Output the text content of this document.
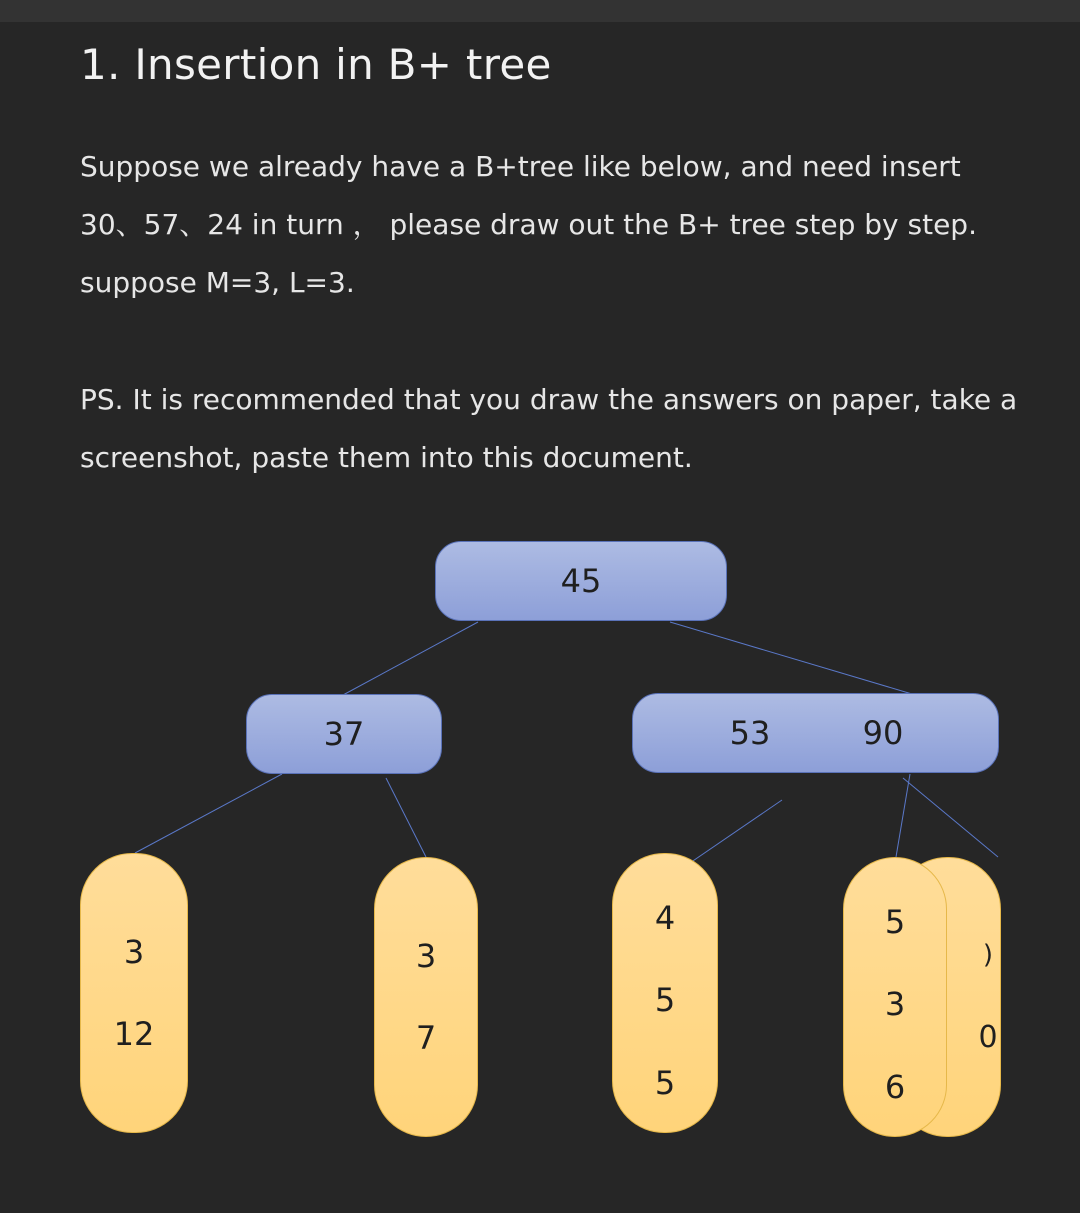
1. Insertion in B+ tree

Suppose we already have a B+tree like below, and need insert
30、57、24 in turn ， please draw out the B+ tree step by step.
suppose M=3, L=3.

PS. It is recommended that you draw the answers on paper, take a
screenshot, paste them into this document.

45
37	53	90
3
12
3
7
4
5
5
)
0
5
3
6
